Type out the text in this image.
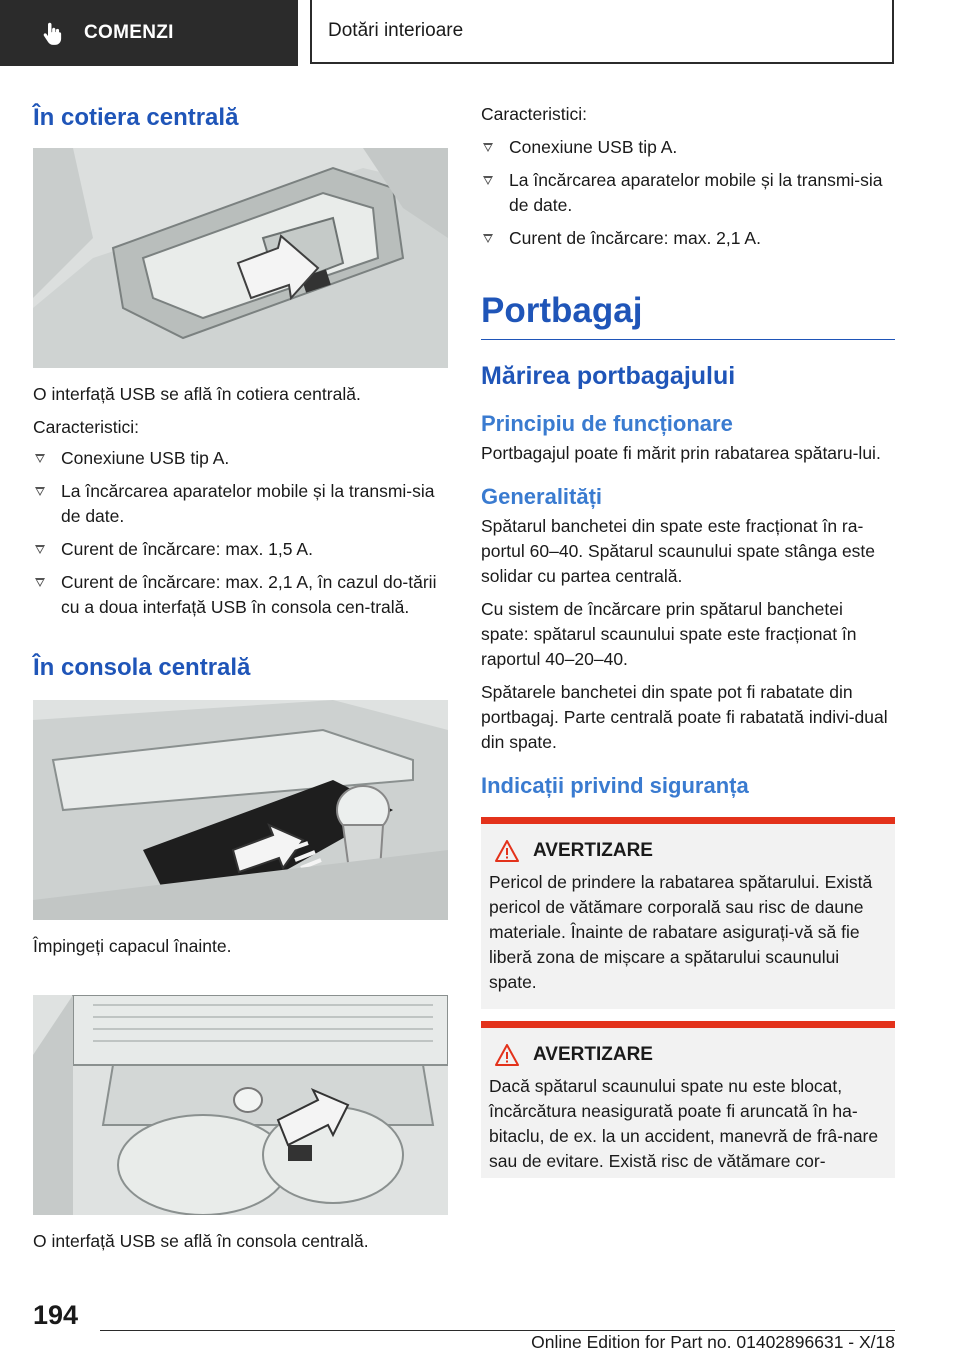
COMENZI	Dotări interioare
În cotiera centrală

O interfață USB se află în cotiera centrală.

Caracteristici:

Conexiune USB tip A.
La încărcarea aparatelor mobile și la transmi-sia de date.
Curent de încărcare: max. 1,5 A.
Curent de încărcare: max. 2,1 A, în cazul do-tării cu a doua interfață USB în consola cen-trală.
În consola centrală

Împingeți capacul înainte.

O interfață USB se află în consola centrală.

Caracteristici:

Conexiune USB tip A.
La încărcarea aparatelor mobile și la transmi-sia de date.
Curent de încărcare: max. 2,1 A.
Portbagaj
Mărirea portbagajului
Principiu de funcționare

Portbagajul poate fi mărit prin rabatarea spătaru-lui.

Generalități

Spătarul banchetei din spate este fracționat în ra-portul 60–40. Spătarul scaunului spate stânga este solidar cu partea centrală.

Cu sistem de încărcare prin spătarul banchetei spate: spătarul scaunului spate este fracționat în raportul 40–20–40.

Spătarele banchetei din spate pot fi rabatate din portbagaj. Parte centrală poate fi rabatată indivi-dual din spate.

Indicații privind siguranța
AVERTIZARE

Pericol de prindere la rabatarea spătarului. Există pericol de vătămare corporală sau risc de daune materiale. Înainte de rabatare asigurați-vă să fie liberă zona de mișcare a spătarului scaunului spate.

AVERTIZARE

Dacă spătarul scaunului spate nu este blocat, încărcătura neasigurată poate fi aruncată în ha-bitaclu, de ex. la un accident, manevră de frâ-nare sau de evitare. Există risc de vătămare cor-

194
Online Edition for Part no. 01402896631 - X/18
